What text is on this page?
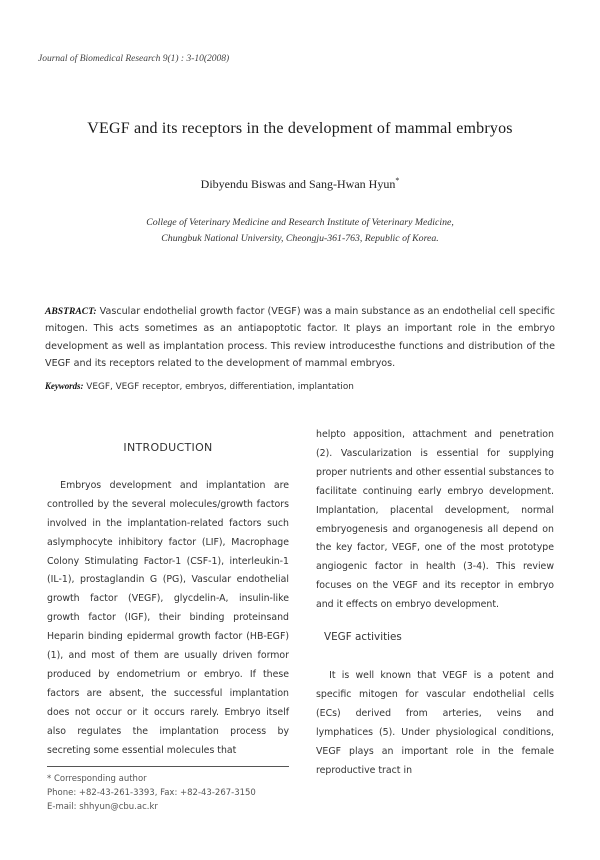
Journal of Biomedical Research 9(1) : 3-10(2008)
VEGF and its receptors in the development of mammal embryos
Dibyendu Biswas and Sang-Hwan Hyun*
College of Veterinary Medicine and Research Institute of Veterinary Medicine,
Chungbuk National University, Cheongju-361-763, Republic of Korea.
ABSTRACT: Vascular endothelial growth factor (VEGF) was a main substance as an endothelial cell specific mitogen. This acts sometimes as an antiapoptotic factor. It plays an important role in the embryo development as well as implantation process. This review introducesthe functions and distribution of the VEGF and its receptors related to the development of mammal embryos.
Keywords: VEGF, VEGF receptor, embryos, differentiation, implantation
INTRODUCTION

Embryos development and implantation are controlled by the several molecules/growth factors involved in the implantation-related factors such aslymphocyte inhibitory factor (LIF), Macrophage Colony Stimulating Factor-1 (CSF-1), interleukin-1 (IL-1), prostaglandin G (PG), Vascular endothelial growth factor (VEGF), glycdelin-A, insulin-like growth factor (IGF), their binding proteinsand Heparin binding epidermal growth factor (HB-EGF) (1), and most of them are usually driven formor produced by endometrium or embryo. If these factors are absent, the successful implantation does not occur or it occurs rarely. Embryo itself also regulates the implantation process by secreting some essential molecules that

helpto apposition, attachment and penetration (2). Vascularization is essential for supplying proper nutrients and other essential substances to facilitate continuing early embryo development. Implantation, placental development, normal embryogenesis and organogenesis all depend on the key factor, VEGF, one of the most prototype angiogenic factor in health (3-4). This review focuses on the VEGF and its receptor in embryo and it effects on embryo development.

VEGF activities

It is well known that VEGF is a potent and specific mitogen for vascular endothelial cells (ECs) derived from arteries, veins and lymphatices (5). Under physiological conditions, VEGF plays an important role in the female reproductive tract in

* Corresponding author
Phone: +82-43-261-3393, Fax: +82-43-267-3150
E-mail: shhyun@cbu.ac.kr
